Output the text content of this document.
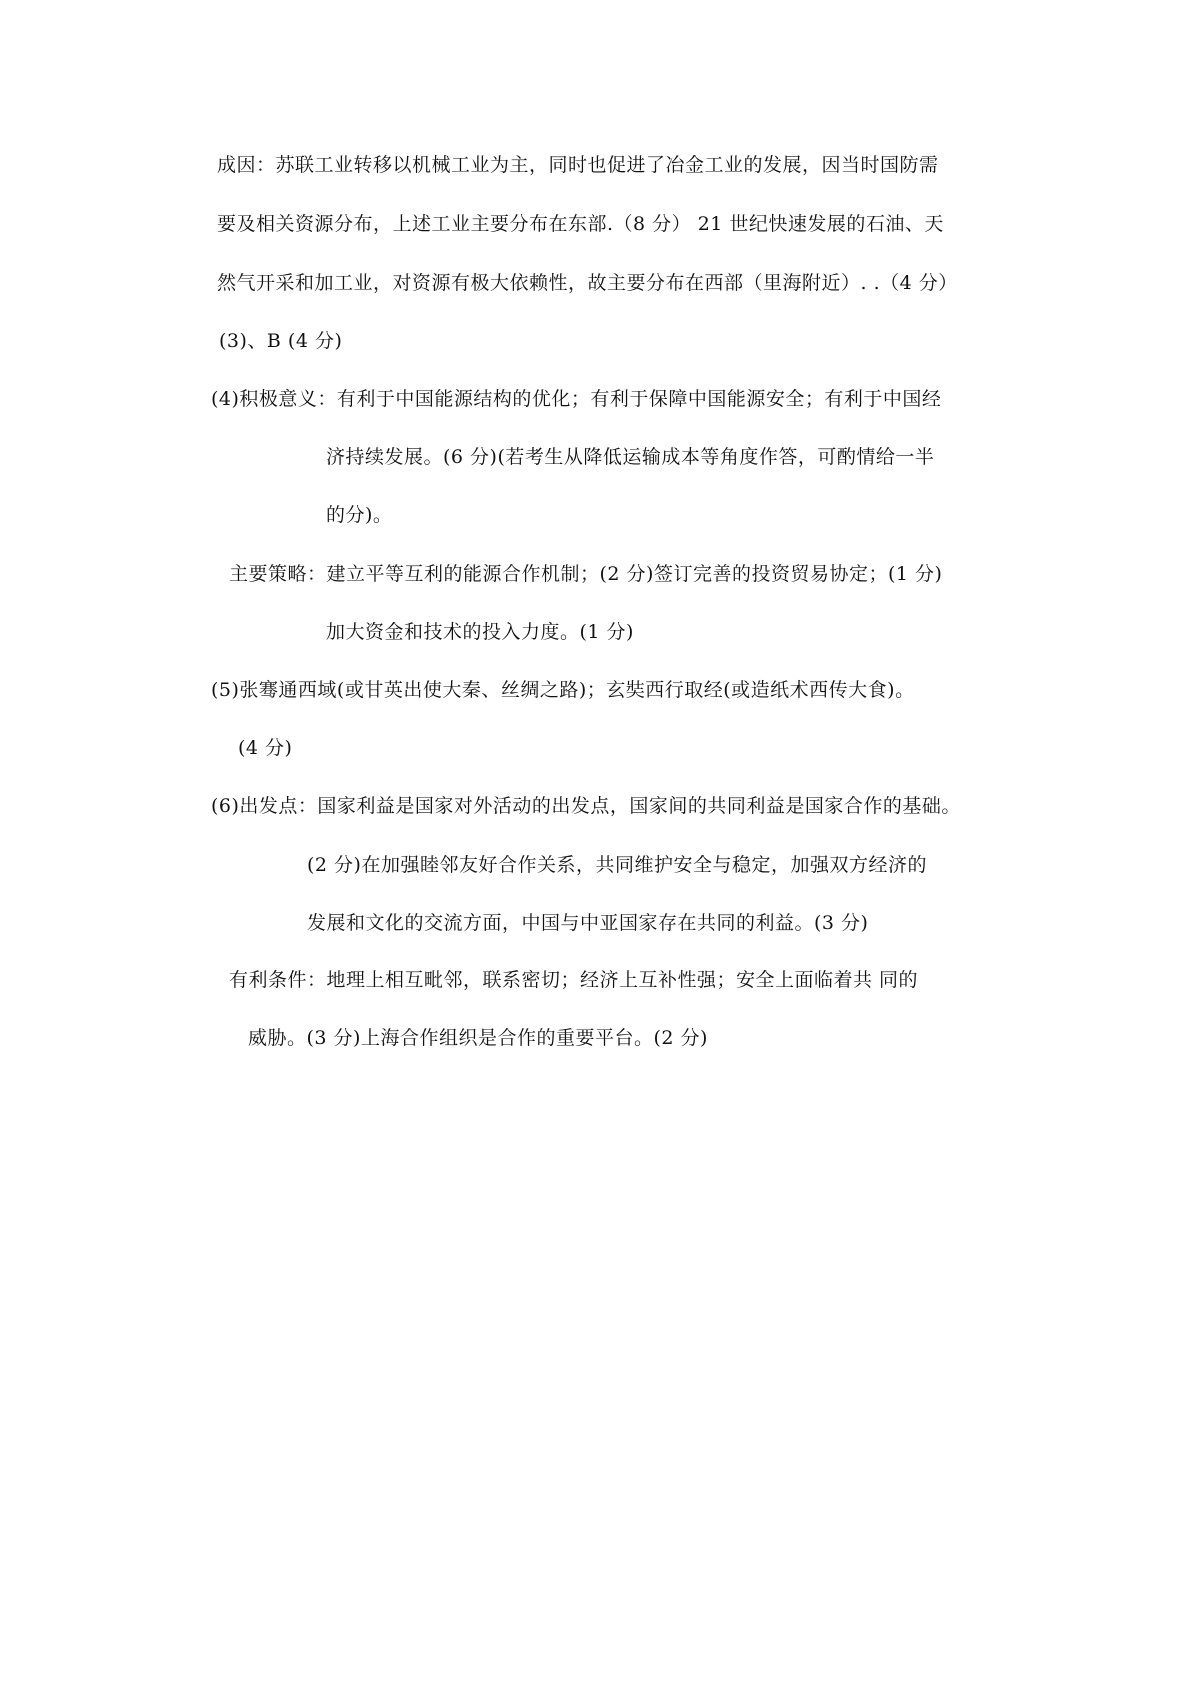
成因：苏联工业转移以机械工业为主，同时也促进了冶金工业的发展，因当时国防需
要及相关资源分布，上述工业主要分布在东部.（8 分） 21 世纪快速发展的石油、天
然气开采和加工业，对资源有极大依赖性，故主要分布在西部（里海附近）. .（4 分）
(3)、B (4 分)
(4)积极意义：有利于中国能源结构的优化；有利于保障中国能源安全；有利于中国经
济持续发展。(6 分)(若考生从降低运输成本等角度作答，可酌情给一半
的分)。
主要策略：建立平等互利的能源合作机制；(2 分)签订完善的投资贸易协定；(1 分)
加大资金和技术的投入力度。(1 分)
(5)张骞通西域(或甘英出使大秦、丝绸之路)；玄奘西行取经(或造纸术西传大食)。
(4 分)
(6)出发点：国家利益是国家对外活动的出发点，国家间的共同利益是国家合作的基础。
(2 分)在加强睦邻友好合作关系，共同维护安全与稳定，加强双方经济的
发展和文化的交流方面，中国与中亚国家存在共同的利益。(3 分)
有利条件：地理上相互毗邻，联系密切；经济上互补性强；安全上面临着共 同的
威胁。(3 分)上海合作组织是合作的重要平台。(2 分)
